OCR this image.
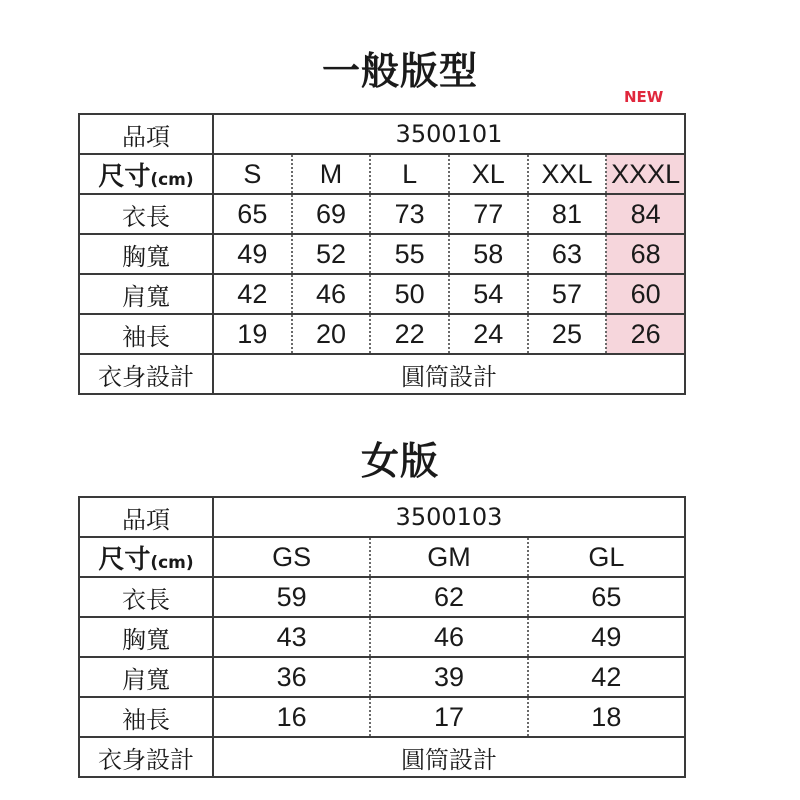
一般版型
NEW
品項	3500101					
尺寸(cm)	S	M	L	XL	XXL	XXXL
衣長	65	69	73	77	81	84
胸寬	49	52	55	58	63	68
肩寬	42	46	50	54	57	60
袖長	19	20	22	24	25	26
衣身設計	圓筒設計					
女版
品項	3500103		
尺寸(cm)	GS	GM	GL
衣長	59	62	65
胸寬	43	46	49
肩寬	36	39	42
袖長	16	17	18
衣身設計	圓筒設計		
